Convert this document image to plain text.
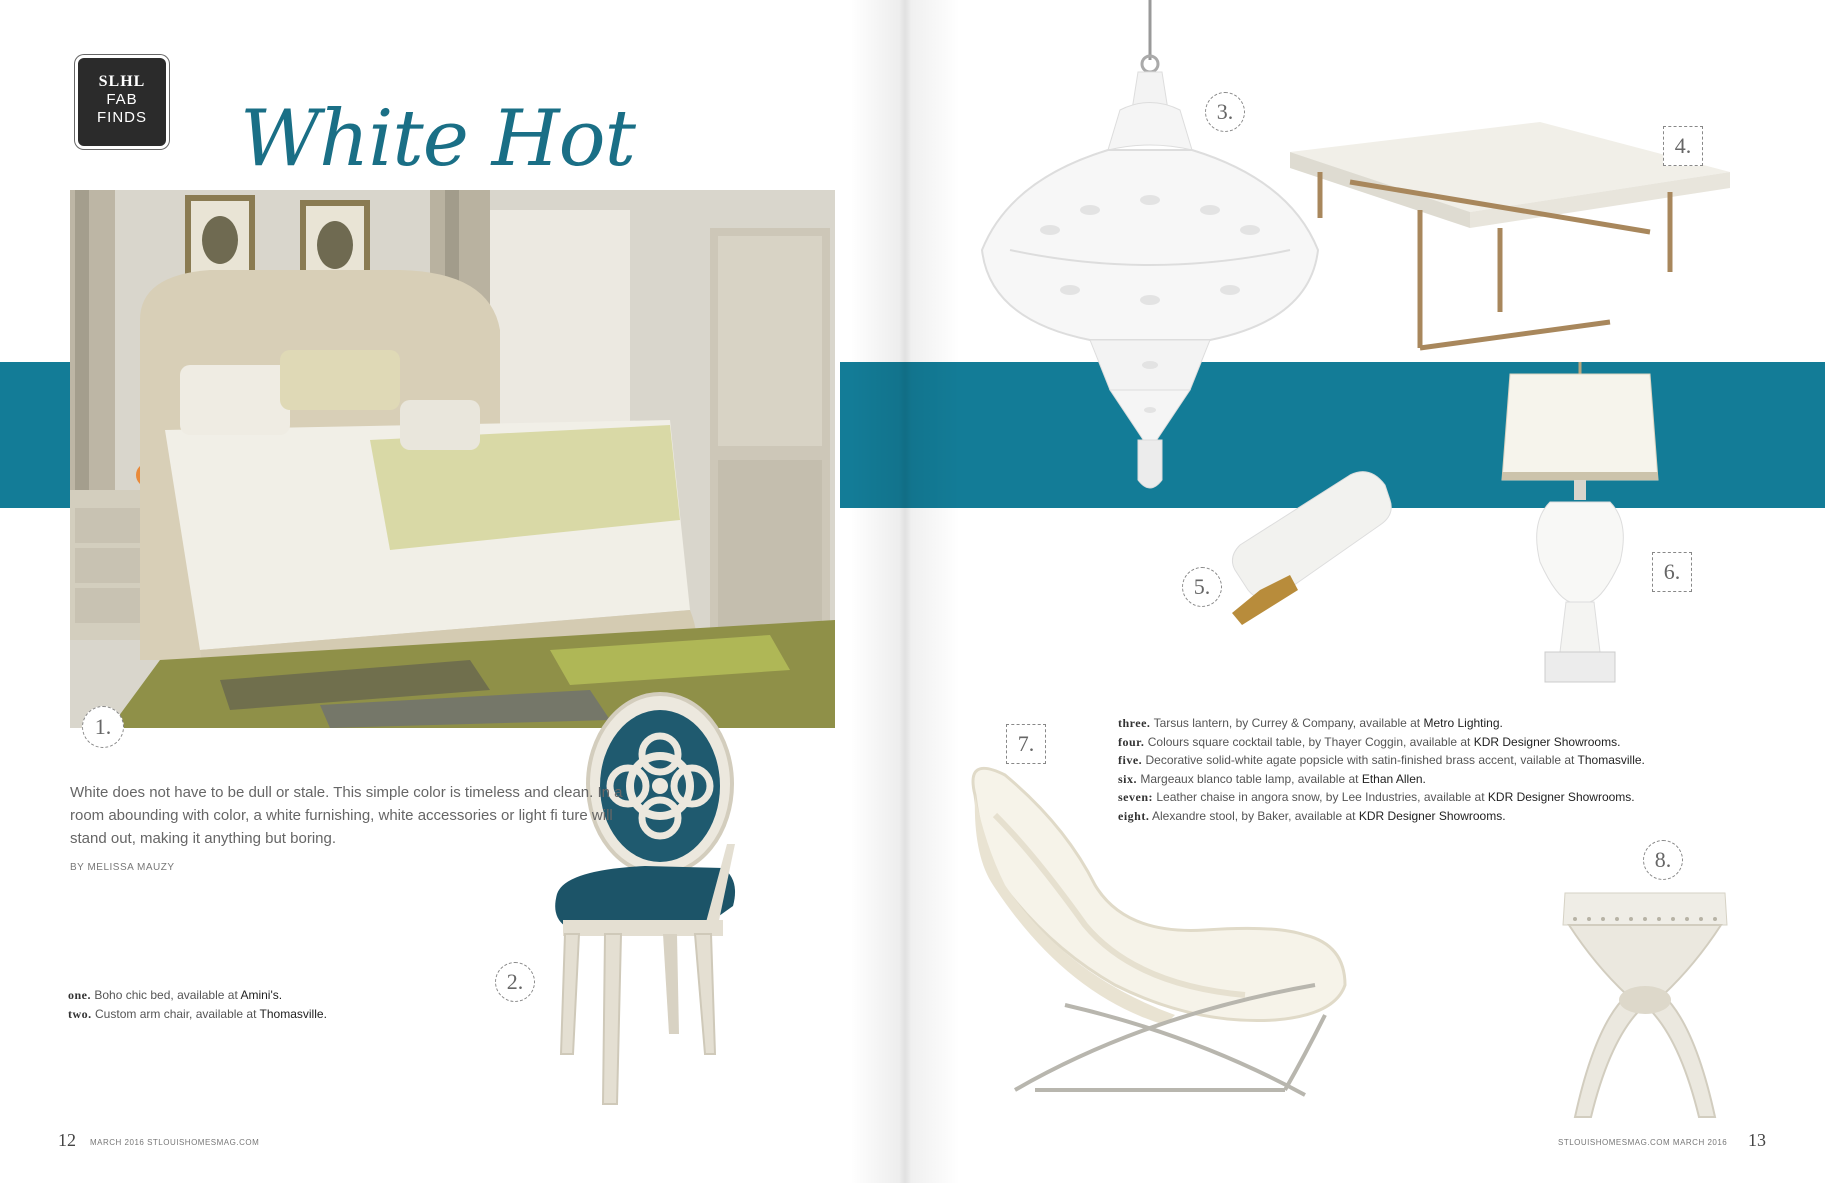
SLHL
FAB
FINDS White Hot
1.
2.

White does not have to be dull or stale. This simple color is timeless and clean. In a room abounding with color, a white furnishing, white accessories or light fi ture will stand out, making it anything but boring.

BY MELISSA MAUZY
one. Boho chic bed, available at Amini's.
two. Custom arm chair, available at Thomasville.
12 MARCH 2016 STLOUISHOMESMAG.COM
3.
4.
5.
6.
three. Tarsus lantern, by Currey & Company, available at Metro Lighting.
four. Colours square cocktail table, by Thayer Coggin, available at KDR Designer Showrooms.
five. Decorative solid-white agate popsicle with satin-finished brass accent, vailable at Thomasville.
six. Margeaux blanco table lamp, available at Ethan Allen.
seven: Leather chaise in angora snow, by Lee Industries, available at KDR Designer Showrooms.
eight. Alexandre stool, by Baker, available at KDR Designer Showrooms.
7.
8.
STLOUISHOMESMAG.COM MARCH 2016 13
